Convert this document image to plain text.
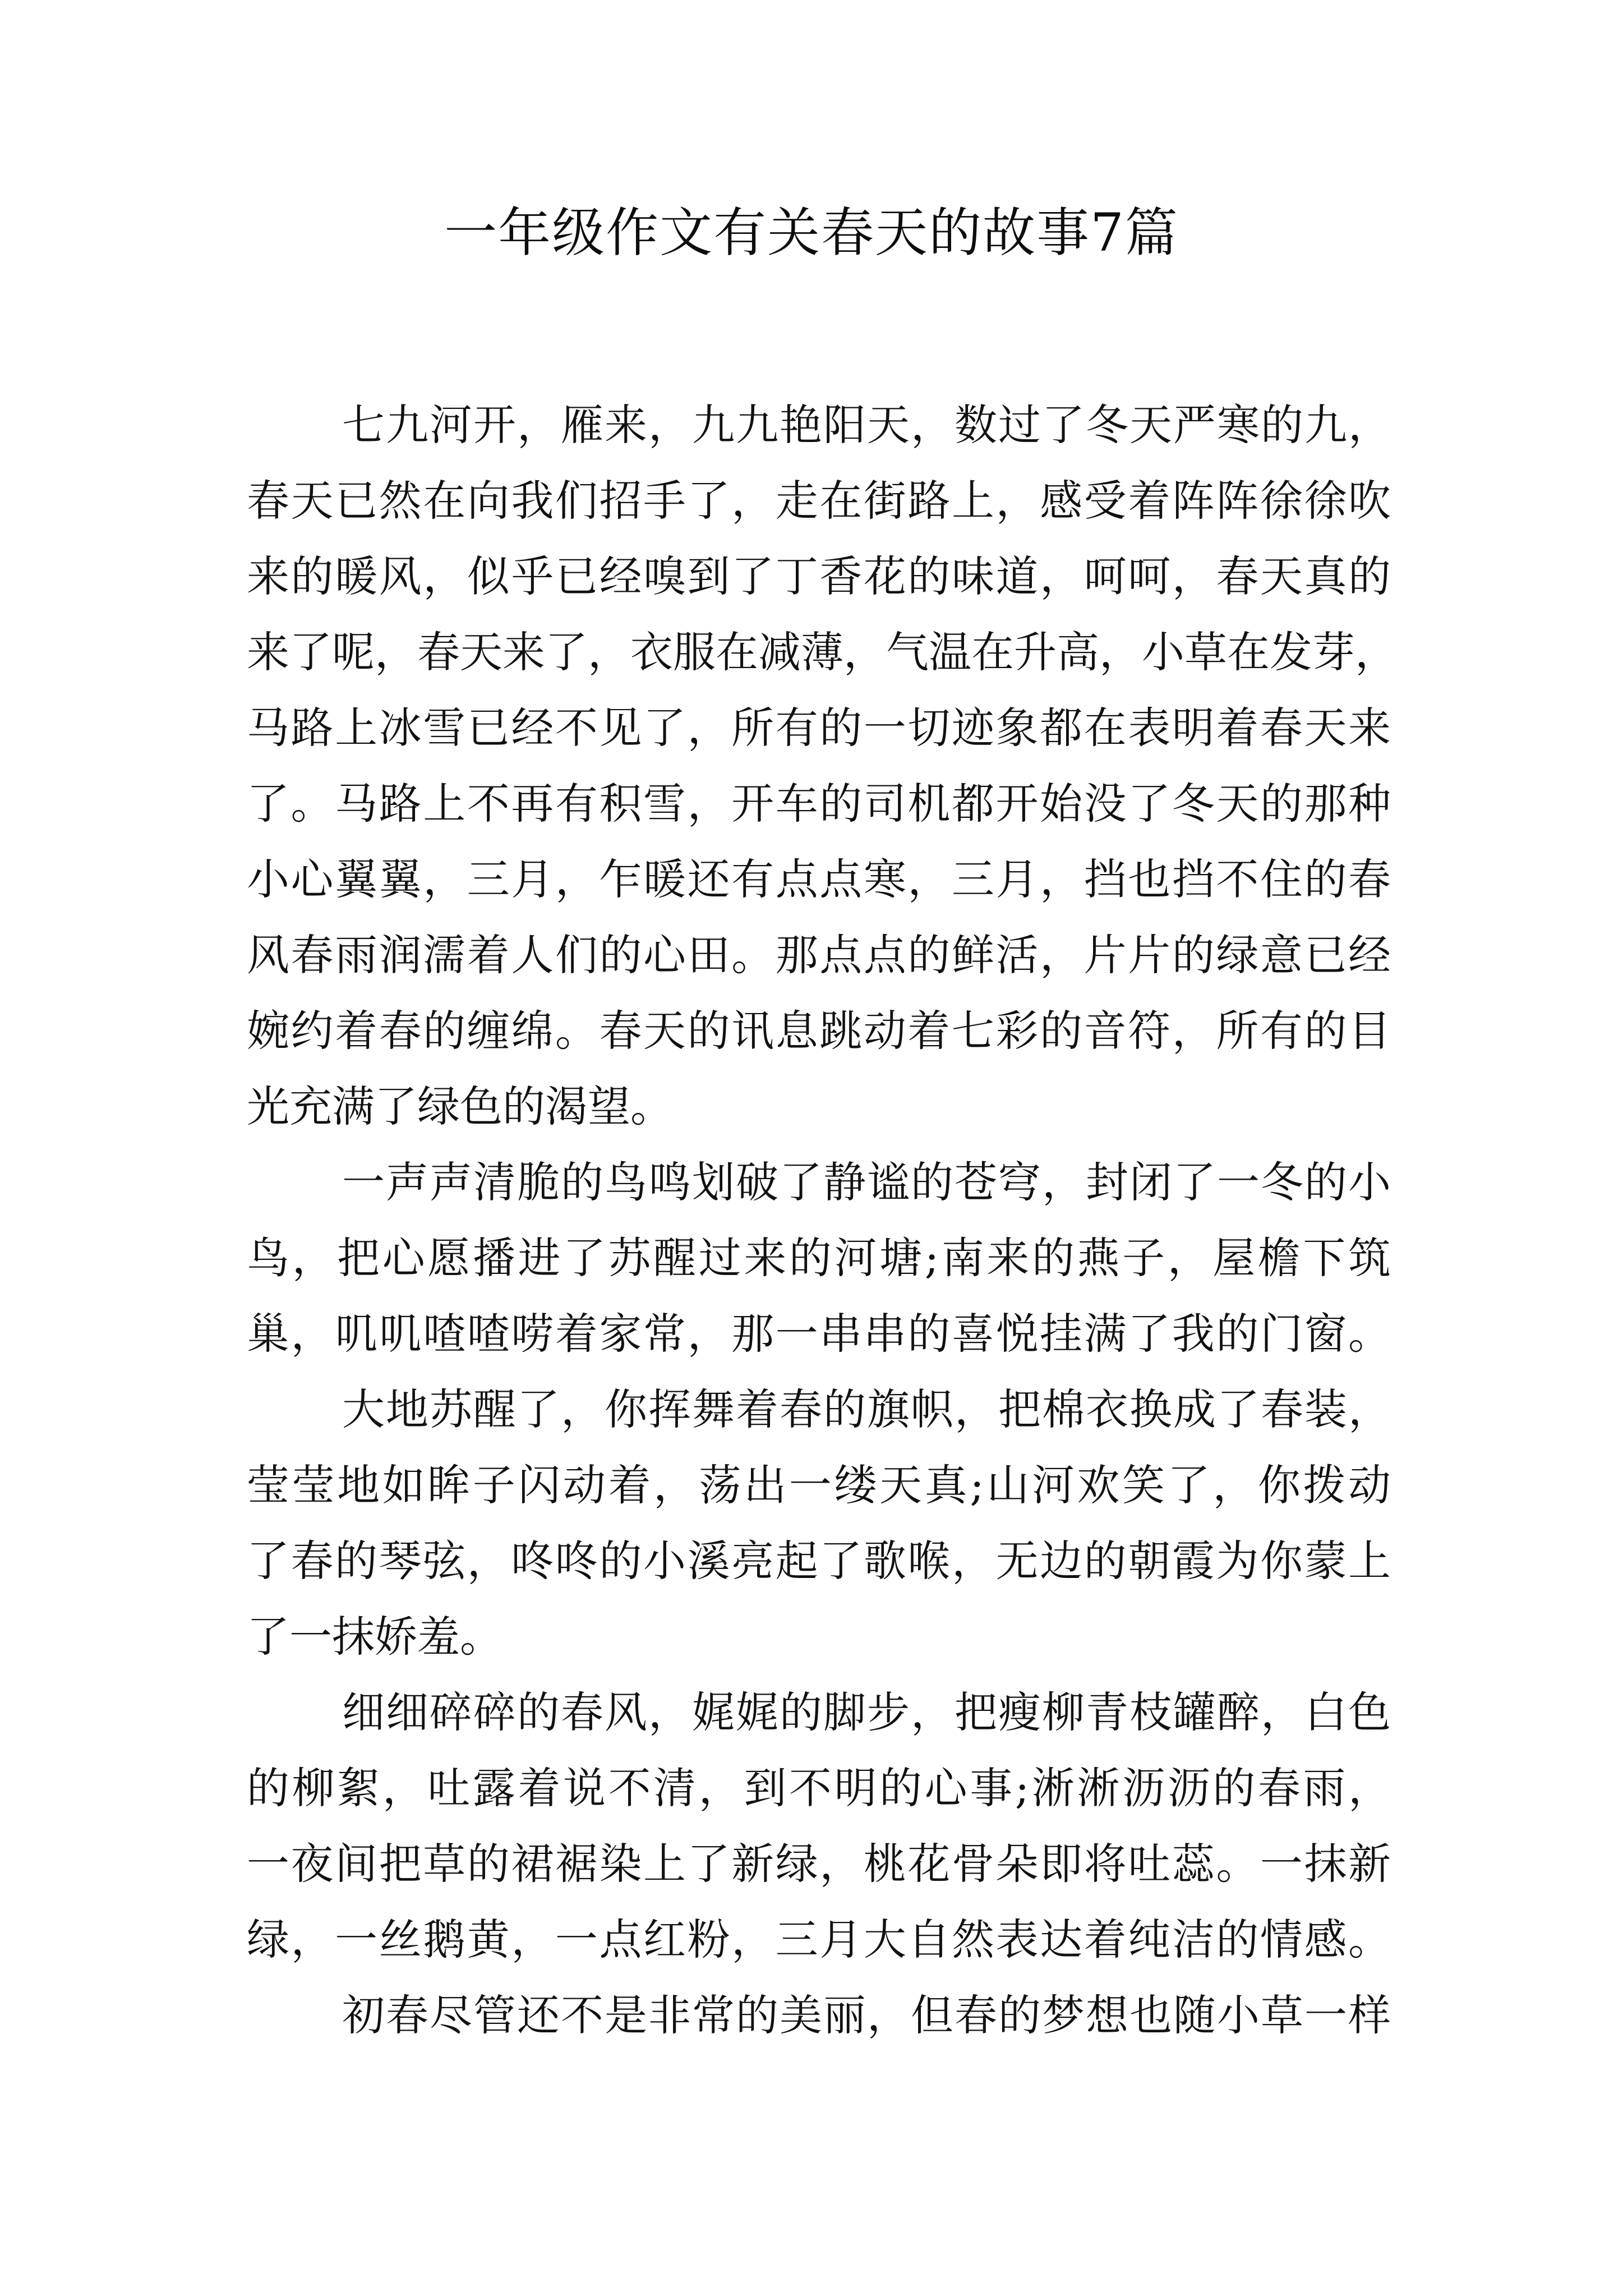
一年级作文有关春天的故事7篇
七九河开，雁来，九九艳阳天，数过了冬天严寒的九，
春天已然在向我们招手了，走在街路上，感受着阵阵徐徐吹
来的暖风，似乎已经嗅到了丁香花的味道，呵呵，春天真的
来了呢，春天来了，衣服在减薄，气温在升高，小草在发芽，
马路上冰雪已经不见了，所有的一切迹象都在表明着春天来
了。马路上不再有积雪，开车的司机都开始没了冬天的那种
小心翼翼，三月，乍暖还有点点寒，三月，挡也挡不住的春
风春雨润濡着人们的心田。那点点的鲜活，片片的绿意已经
婉约着春的缠绵。春天的讯息跳动着七彩的音符，所有的目
光充满了绿色的渴望。
一声声清脆的鸟鸣划破了静谧的苍穹，封闭了一冬的小
鸟，把心愿播进了苏醒过来的河塘;南来的燕子，屋檐下筑
巢，叽叽喳喳唠着家常，那一串串的喜悦挂满了我的门窗。
大地苏醒了，你挥舞着春的旗帜，把棉衣换成了春装，
莹莹地如眸子闪动着，荡出一缕天真;山河欢笑了，你拨动
了春的琴弦，咚咚的小溪亮起了歌喉，无边的朝霞为你蒙上
了一抹娇羞。
细细碎碎的春风，娓娓的脚步，把瘦柳青枝罐醉，白色
的柳絮，吐露着说不清，到不明的心事;淅淅沥沥的春雨，
一夜间把草的裙裾染上了新绿，桃花骨朵即将吐蕊。一抹新
绿，一丝鹅黄，一点红粉，三月大自然表达着纯洁的情感。
初春尽管还不是非常的美丽，但春的梦想也随小草一样
